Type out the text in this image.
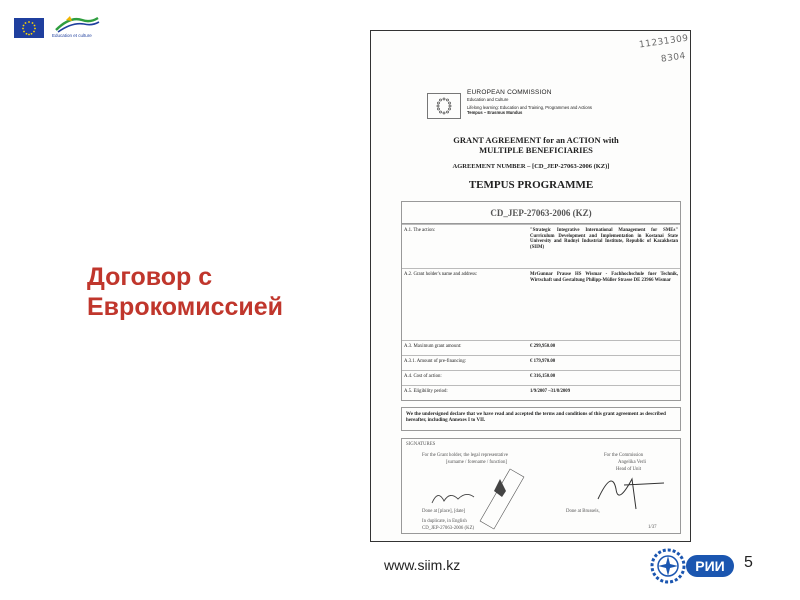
Education et culture
Договор с
Еврокомиссией
11231309
8304
EUROPEAN COMMISSION
Education and Culture
Lifelong learning: Education and Training, Programmes and Actions
Tempus – Erasmus Mundus
GRANT AGREEMENT for an ACTION with MULTIPLE BENEFICIARIES
AGREEMENT NUMBER – [CD_JEP-27063-2006 (KZ)]
TEMPUS PROGRAMME
CD_JEP-27063-2006 (KZ)
A.1. The action:	"Strategic Integrative International Management for SMEs" Curriculum Development and Implementation in Kostanai State University and Rudnyi Industrial Institute, Republic of Kazakhstan (SIIM)
A.2. Grant holder's name and address:	MrGunnar Prause HS Wismar - Fachhochschule fuer Technik, Wirtschaft und Gestaltung Philipp-Müller Strasse DE 23966 Wismar
A.3. Maximum grant amount:	€ 299,950.00
A.3.1. Amount of pre-financing:	€ 179,970.00
A.4. Cost of action:	€ 316,150.00
A.5. Eligibility period:	1/9/2007 –31/8/2009
We the undersigned declare that we have read and accepted the terms and conditions of this grant agreement as described hereafter, including Annexes I to VII.
SIGNATURES
For the Grant holder, the legal representative
[surname / forename / function]
For the Commission
Angelika Verli
Head of Unit
Done at [place], [date]	Done at Brussels,
In duplicate, in English
CD_JEP-27063-2006 (KZ)	1/37
www.siim.kz	РИИ 5
